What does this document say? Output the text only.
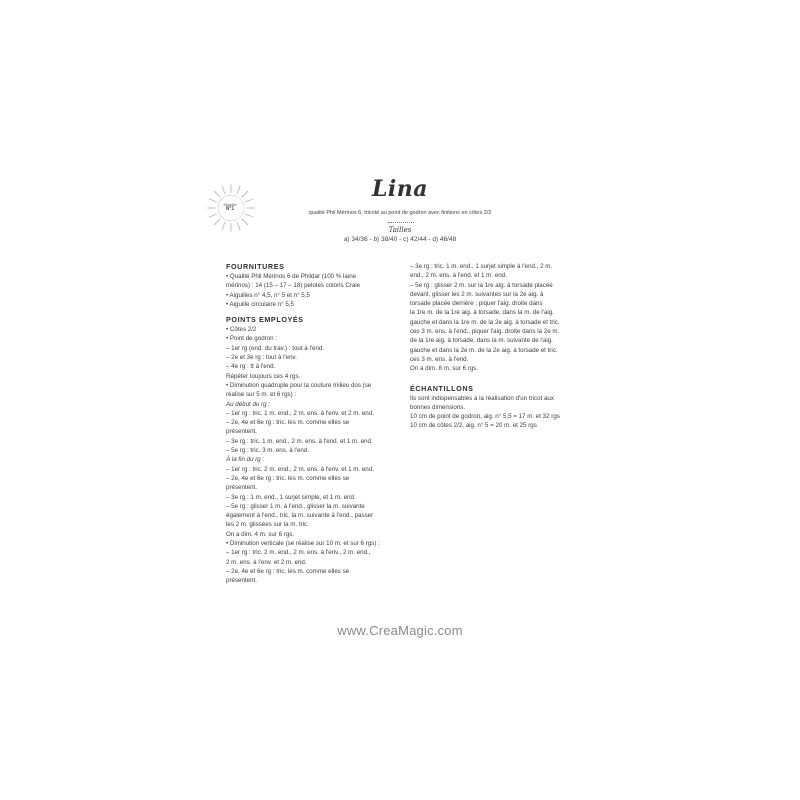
Modèle
N°1
Lina
qualité Phil Mérinos 6, tricoté au point de godron avec finitions en côtes 2/2
Tailles
a) 34/36 - b) 38/40 - c) 42/44 - d) 46/48
FOURNITURES
• Qualité Phil Mérinos 6 de Phildar (100 % laine
mérinos) : 14 (15 – 17 – 18) pelotes coloris Craie
• Aiguilles n° 4,5, n° 5 et n° 5,5
• Aiguille circulaire n° 5,5
POINTS EMPLOYÉS
• Côtes 2/2
• Point de godron :
– 1er rg (end. du trav.) : tout à l'end.
– 2e et 3e rg : tout à l'env.
– 4e rg : tt à l'end.
Répéter toujours ces 4 rgs.
• Diminution quadruple pour la couture milieu dos (se
réalise sur 5 m. et 6 rgs) :
Au début du rg :
– 1er rg : tric. 1 m. end., 2 m. ens. à l'env. et 2 m. end.
– 2e, 4e et 6e rg : tric. les m. comme elles se
présentent.
– 3e rg : tric. 1 m. end., 2 m. ens. à l'end. et 1 m. end.
– 5e rg : tric. 3 m. ens. à l'end.
À la fin du rg :
– 1er rg : tric. 2 m. end., 2 m. ens. à l'env. et 1 m. end.
– 2e, 4e et 6e rg : tric. les m. comme elles se
présentent.
– 3e rg : 1 m. end., 1 surjet simple, et 1 m. end.
– 5e rg : glisser 1 m. à l'end., glisser la m. suivante
également à l'end., tric. la m. suivante à l'end., passer
les 2 m. glissées sur la m. tric.
On a dim. 4 m. sur 6 rgs.
• Diminution verticale (se réalise sur 10 m. et sur 6 rgs) :
– 1er rg : tric. 2 m. end., 2 m. ens. à l'env., 2 m. end.,
2 m. ens. à l'env. et 2 m. end.
– 2e, 4e et 6e rg : tric. les m. comme elles se
présentent.
– 3e rg : tric. 1 m. end., 1 surjet simple à l'end., 2 m.
end., 2 m. ens. à l'end. et 1 m. end.
– 5e rg : glisser 2 m. sur la 1re aig. à torsade placée
devant, glisser les 2 m. suivantes sur la 2e aig. à
torsade placée derrière ; piquer l'aig. droite dans
la 1re m. de la 1re aig. à torsade, dans la m. de l'aig.
gauche et dans la 1re m. de la 2e aig. à torsade et tric.
ces 3 m. ens. à l'end., piquer l'aig. droite dans la 2e m.
de la 1re aig. à torsade, dans la m. suivante de l'aig.
gauche et dans la 2e m. de la 2e aig. à torsade et tric.
ces 3 m. ens. à l'end.
On a dim. 8 m. sur 6 rgs.
ÉCHANTILLONS
Ils sont indispensables à la réalisation d'un tricot aux
bonnes dimensions.
10 cm de point de godron, aig. n° 5,5 = 17 m. et 32 rgs
10 cm de côtes 2/2, aig. n° 5 = 20 m. et 25 rgs
www.CreaMagic.com
